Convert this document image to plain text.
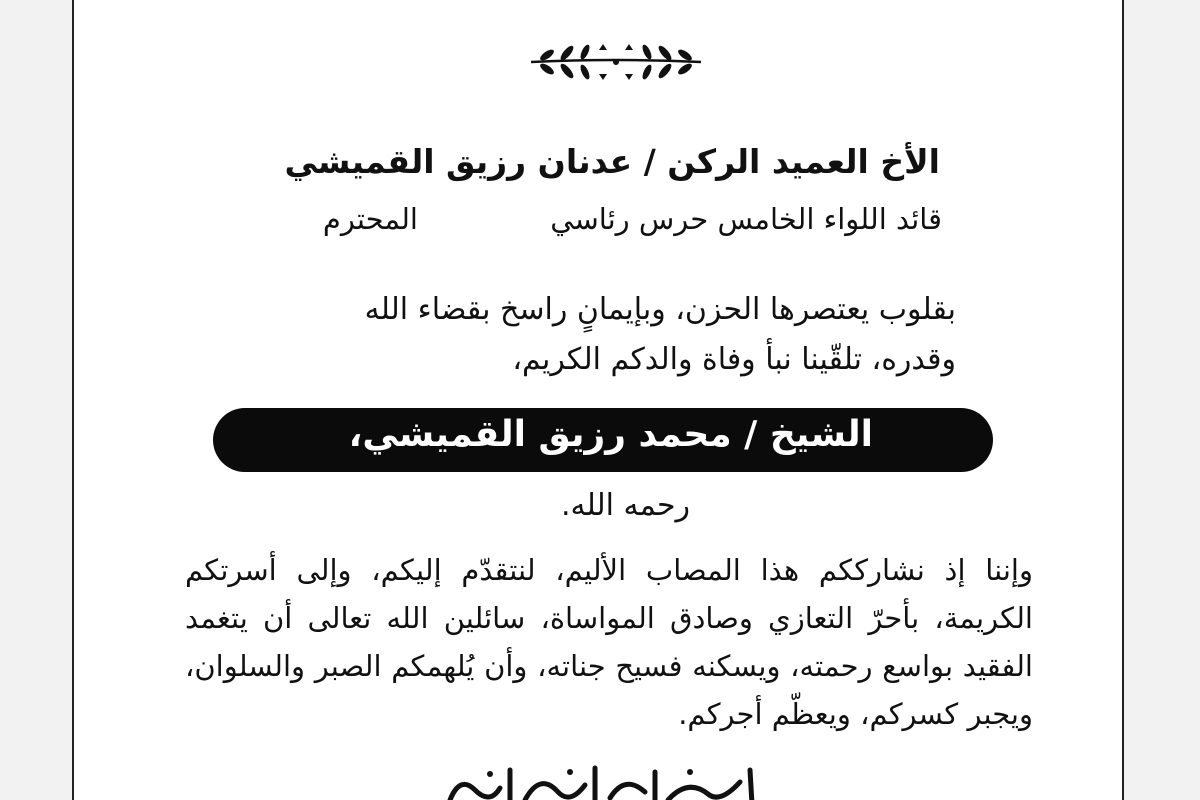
الأخ العميد الركن / عدنان رزيق القميشي
قائد اللواء الخامس حرس رئاسي
المحترم
بقلوب يعتصرها الحزن، وبإيمانٍ راسخ بقضاء الله
وقدره، تلقّينا نبأ وفاة والدكم الكريم،
الشيخ / محمد رزيق القميشي،
رحمه الله.
وإننا إذ نشارككم هذا المصاب الأليم، لنتقدّم إليكم، وإلى أسرتكم الكريمة، بأحرّ التعازي وصادق المواساة، سائلين الله تعالى أن يتغمد الفقيد بواسع رحمته، ويسكنه فسيح جناته، وأن يُلهمكم الصبر والسلوان، ويجبر كسركم، ويعظّم أجركم.
